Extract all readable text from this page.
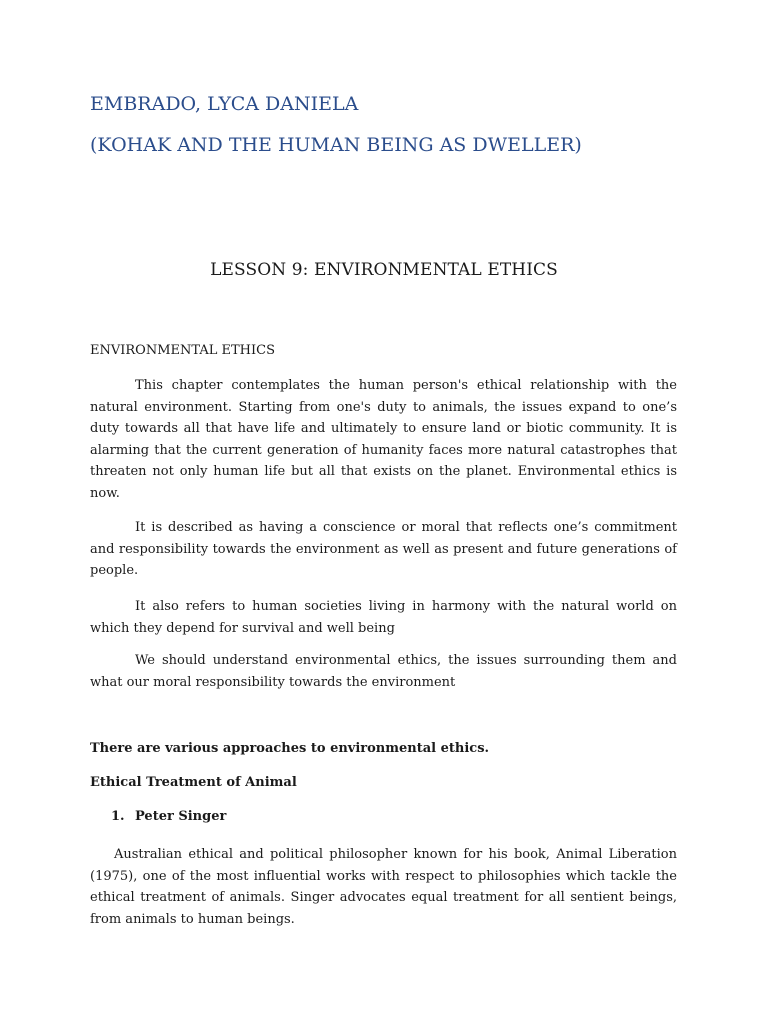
EMBRADO, LYCA DANIELA
(KOHAK AND THE HUMAN BEING AS DWELLER)
LESSON 9: ENVIRONMENTAL ETHICS

ENVIRONMENTAL ETHICS

This chapter contemplates the human person's ethical relationship with the natural environment. Starting from one's duty to animals, the issues expand to one’s duty towards all that have life and ultimately to ensure land or biotic community. It is alarming that the current generation of humanity faces more natural catastrophes that threaten not only human life but all that exists on the planet. Environmental ethics is now.

It is described as having a conscience or moral that reflects one’s commitment and responsibility towards the environment as well as present and future generations of people.

It also refers to human societies living in harmony with the natural world on which they depend for survival and well being

We should understand environmental ethics, the issues surrounding them and what our moral responsibility towards the environment

There are various approaches to environmental ethics.

Ethical Treatment of Animal

1. Peter Singer

Australian ethical and political philosopher known for his book, Animal Liberation (1975), one of the most influential works with respect to philosophies which tackle the ethical treatment of animals. Singer advocates equal treatment for all sentient beings, from animals to human beings.
